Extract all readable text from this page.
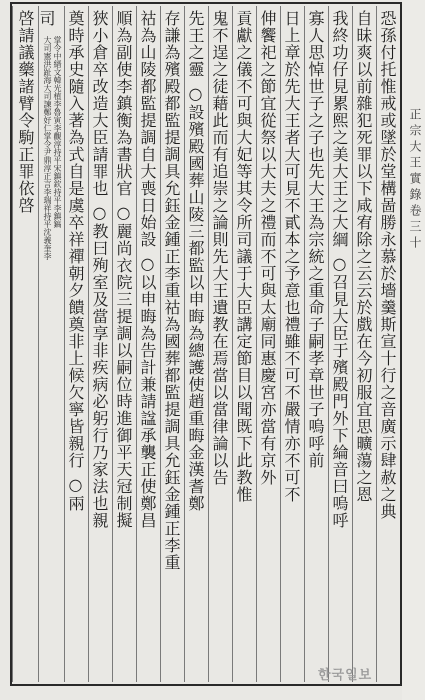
恐孫付托惟戒或墜於堂構啚勝永慕於墻羹斯宣十行之音廣示肆赦之典
自昧爽以前雜犯死罪以下咸宥除之云云於戲在今初服宜思曠蕩之恩
我終功仔見累熙之美大王之大綱 ○召見大臣于殯殿門外下綸音曰嗚呼
寡人思悼世子之子也先大王為宗統之重命子嗣孝章世子嗚呼前
日上章於先大王者大可見不貳本之予意也禮雖不可不嚴情亦不可不
伸饗祀之節宜從祭以大夫之禮而不可與太廟同惠慶宮亦當有京外
貢獻之儀不可與大妃等其令所司議于大臣講定節目以聞既下此教惟
鬼不逞之徒藉此而有追崇之論則先大王遺教在焉當以當律論以告
先王之靈 ○設殯殿國葬山陵三都監以申晦為總護使趙重晦金漢耆鄭
存謙為殯殿都監提調具允鈺金鍾正李重祜為國葬都監提調具允鈺金鍾正李重
祜為山陵都監提調自大喪日始設 ○以申晦為告計兼請諡承襲正使鄭昌
順為副使李鎮衡為書狀官 ○麗尚衣院三提調以嗣位時進御平天冠制擬
狹小倉卒改造大臣請罪也 ○教曰殉室及當享非疾病必躬行乃家法也親
奠時承史隨入著為式自是虞卒祥禪朝夕饋奠非上候欠寧皆親行 ○兩
司
大司憲洪趾海大司諫鄭好仁掌令尹鼎淳正言李瑞祥持平沈義奎李 掌令中縉文韓光植李魯寅李觀淳持平宋鎮欽持平李鎮鎬
啓請議藥諸臂令駒正罪依啓	正宗大王實錄卷三十
한국일보
